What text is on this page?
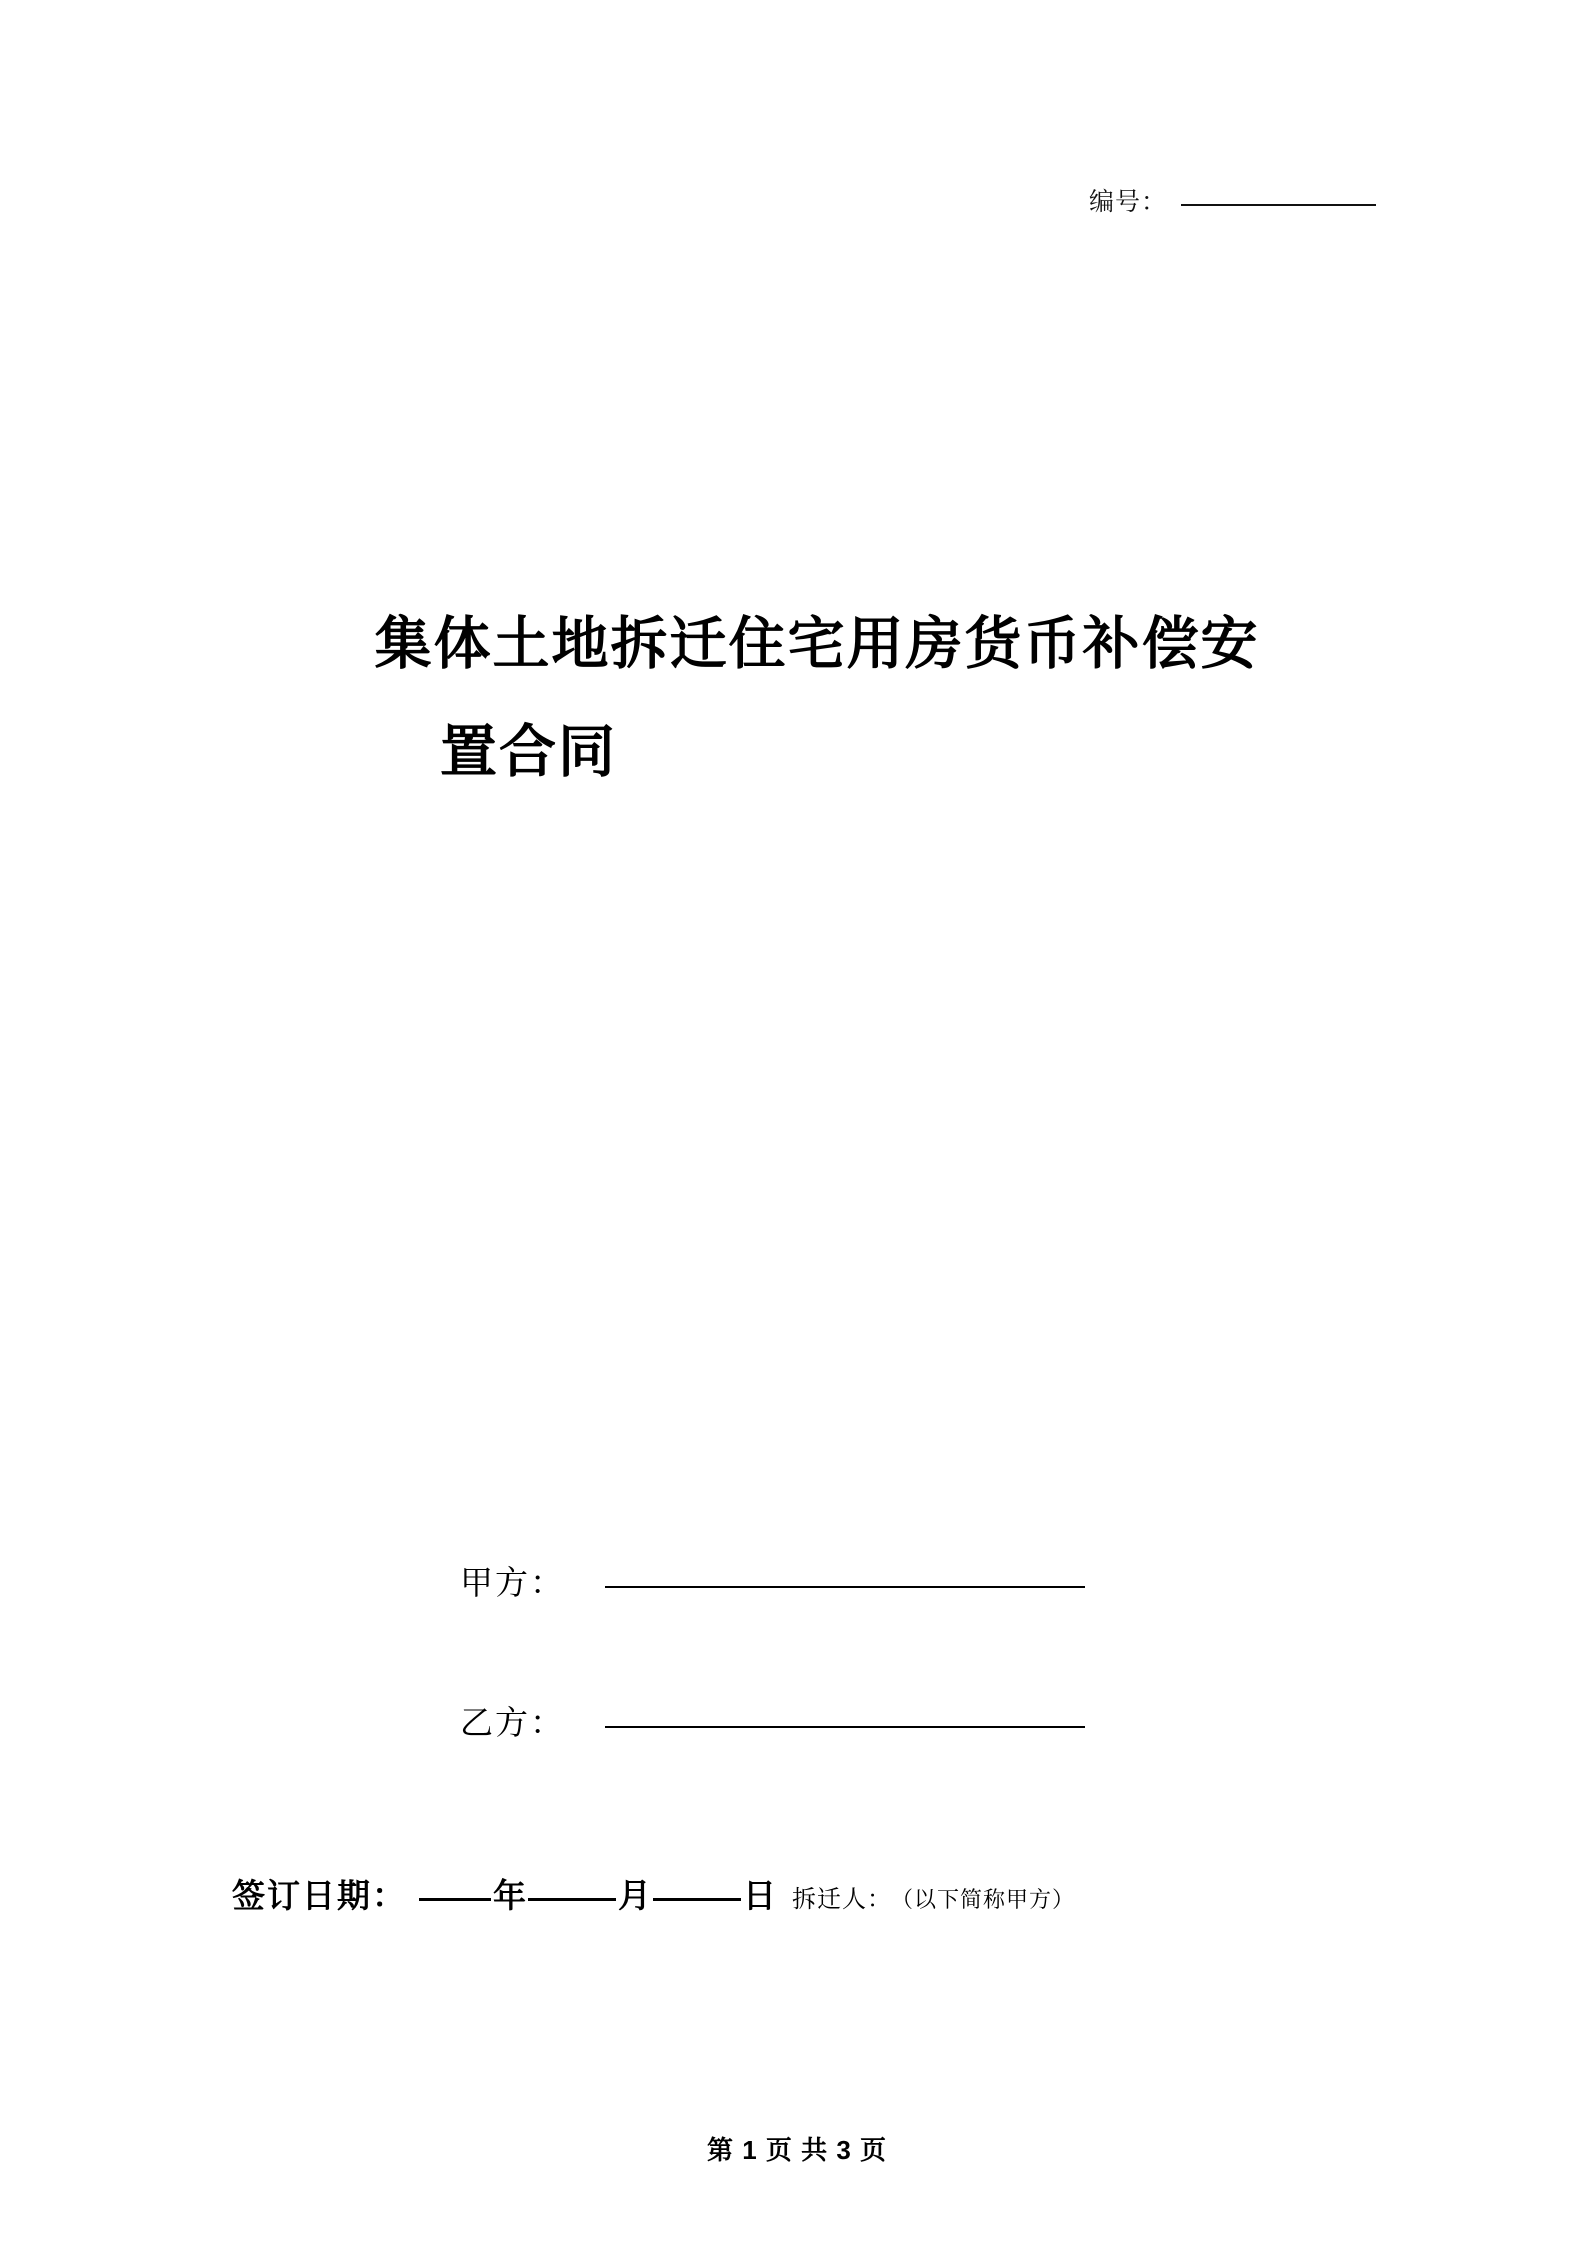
编号：
集体土地拆迁住宅用房货币补偿安
置合同
甲方：
乙方：
签订日期：	年	月	日 拆迁人： （以下简称甲方）
第 1 页 共 3 页
